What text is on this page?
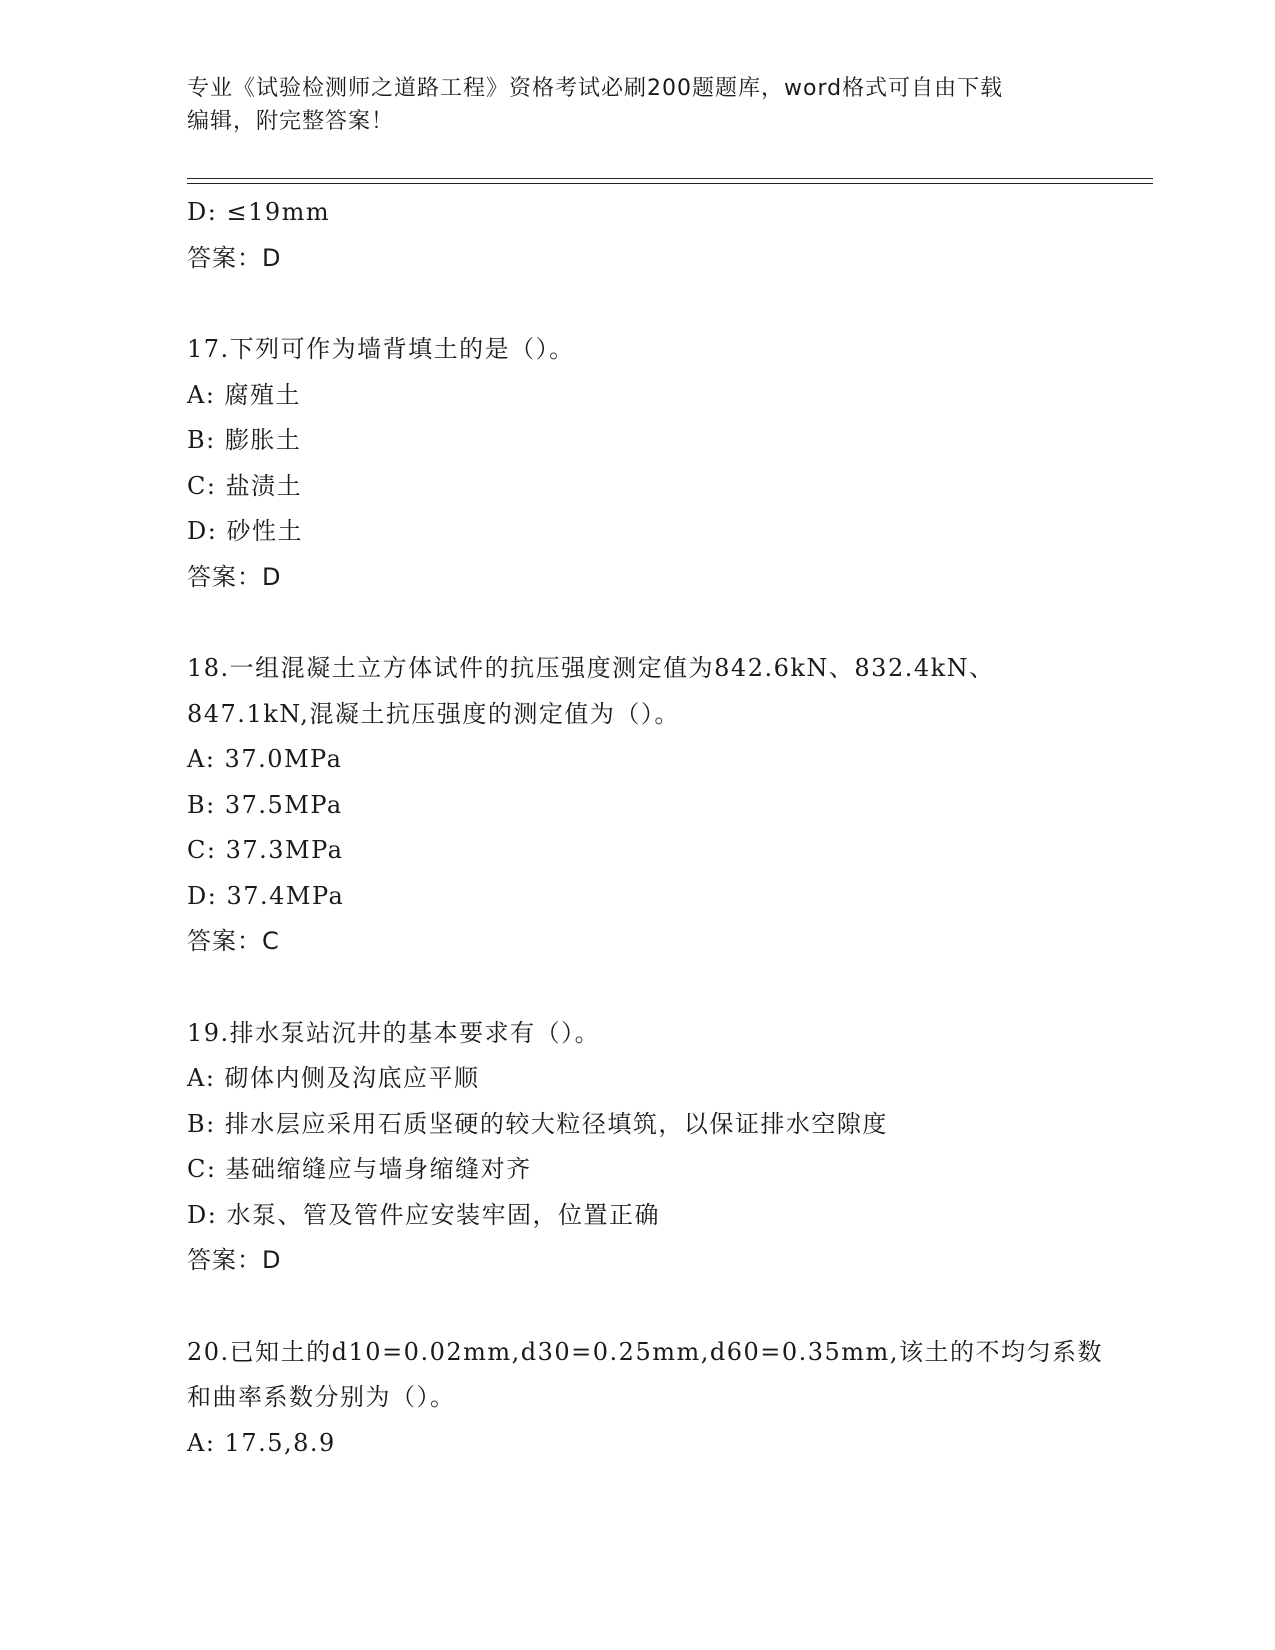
专业《试验检测师之道路工程》资格考试必刷200题题库，word格式可自由下载
编辑，附完整答案！
D: ≤19mm
答案：D
17.下列可作为墙背填土的是（）。
A: 腐殖土
B: 膨胀土
C: 盐渍土
D: 砂性土
答案：D
18.一组混凝土立方体试件的抗压强度测定值为842.6kN、832.4kN、
847.1kN,混凝土抗压强度的测定值为（）。
A: 37.0MPa
B: 37.5MPa
C: 37.3MPa
D: 37.4MPa
答案：C
19.排水泵站沉井的基本要求有（）。
A: 砌体内侧及沟底应平顺
B: 排水层应采用石质坚硬的较大粒径填筑，以保证排水空隙度
C: 基础缩缝应与墙身缩缝对齐
D: 水泵、管及管件应安装牢固，位置正确
答案：D
20.已知土的d10=0.02mm,d30=0.25mm,d60=0.35mm,该土的不均匀系数
和曲率系数分别为（）。
A: 17.5,8.9
